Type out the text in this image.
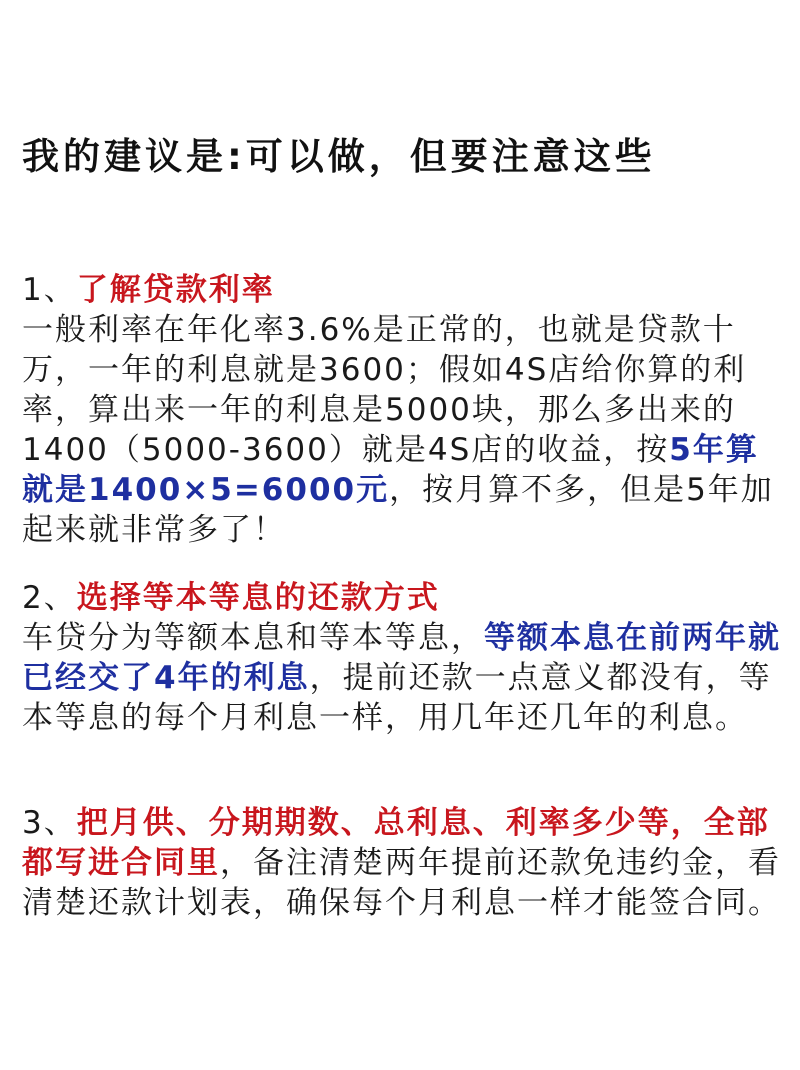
我的建议是:可以做，但要注意这些

1、了解贷款利率

一般利率在年化率3.6%是正常的，也就是贷款十万，一年的利息就是3600；假如4S店给你算的利率，算出来一年的利息是5000块，那么多出来的1400（5000-3600）就是4S店的收益，按5年算就是1400×5=6000元，按月算不多，但是5年加起来就非常多了！

2、选择等本等息的还款方式

车贷分为等额本息和等本等息，等额本息在前两年就已经交了4年的利息，提前还款一点意义都没有，等本等息的每个月利息一样，用几年还几年的利息。

3、把月供、分期期数、总利息、利率多少等，全部都写进合同里，备注清楚两年提前还款免违约金，看清楚还款计划表，确保每个月利息一样才能签合同。
